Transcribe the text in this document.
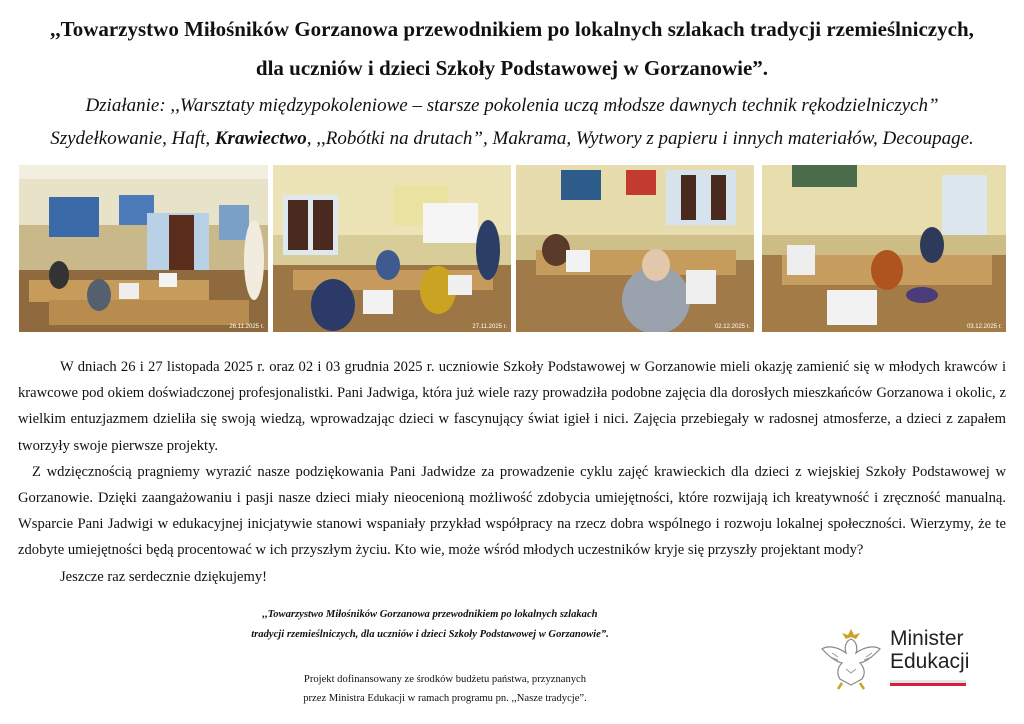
,,Towarzystwo Miłośników Gorzanowa przewodnikiem po lokalnych szlakach tradycji rzemieślniczych,
dla uczniów i dzieci Szkoły Podstawowej w Gorzanowie”.
Działanie: ,,Warsztaty międzypokoleniowe – starsze pokolenia uczą młodsze dawnych technik rękodzielniczych”
Szydełkowanie, Haft, Krawiectwo, ,,Robótki na drutach”, Makrama, Wytwory z papieru i innych materiałów, Decoupage.
26.11.2025 r.	27.11.2025 r.	02.12.2025 r.	03.12.2025 r.

W dniach 26 i 27 listopada 2025 r. oraz 02 i 03 grudnia 2025 r. uczniowie Szkoły Podstawowej w Gorzanowie mieli okazję zamienić się w młodych krawców i krawcowe pod okiem doświadczonej profesjonalistki. Pani Jadwiga, która już wiele razy prowadziła podobne zajęcia dla dorosłych mieszkańców Gorzanowa i okolic, z wielkim entuzjazmem dzieliła się swoją wiedzą, wprowadzając dzieci w fascynujący świat igieł i nici. Zajęcia przebiegały w radosnej atmosferze, a dzieci z zapałem tworzyły swoje pierwsze projekty.

Z wdzięcznością pragniemy wyrazić nasze podziękowania Pani Jadwidze za prowadzenie cyklu zajęć krawieckich dla dzieci z wiejskiej Szkoły Podstawowej w Gorzanowie. Dzięki zaangażowaniu i pasji nasze dzieci miały nieocenioną możliwość zdobycia umiejętności, które rozwijają ich kreatywność i zręczność manualną. Wsparcie Pani Jadwigi w edukacyjnej inicjatywie stanowi wspaniały przykład współpracy na rzecz dobra wspólnego i rozwoju lokalnej społeczności. Wierzymy, że te zdobyte umiejętności będą procentować w ich przyszłym życiu. Kto wie, może wśród młodych uczestników kryje się przyszły projektant mody?

Jeszcze raz serdecznie dziękujemy!

,,Towarzystwo Miłośników Gorzanowa przewodnikiem po lokalnych szlakach
tradycji rzemieślniczych, dla uczniów i dzieci Szkoły Podstawowej w Gorzanowie”.
Projekt dofinansowany ze środków budżetu państwa, przyznanych
przez Ministra Edukacji w ramach programu pn. ,,Nasze tradycje”.
Minister
Edukacji
